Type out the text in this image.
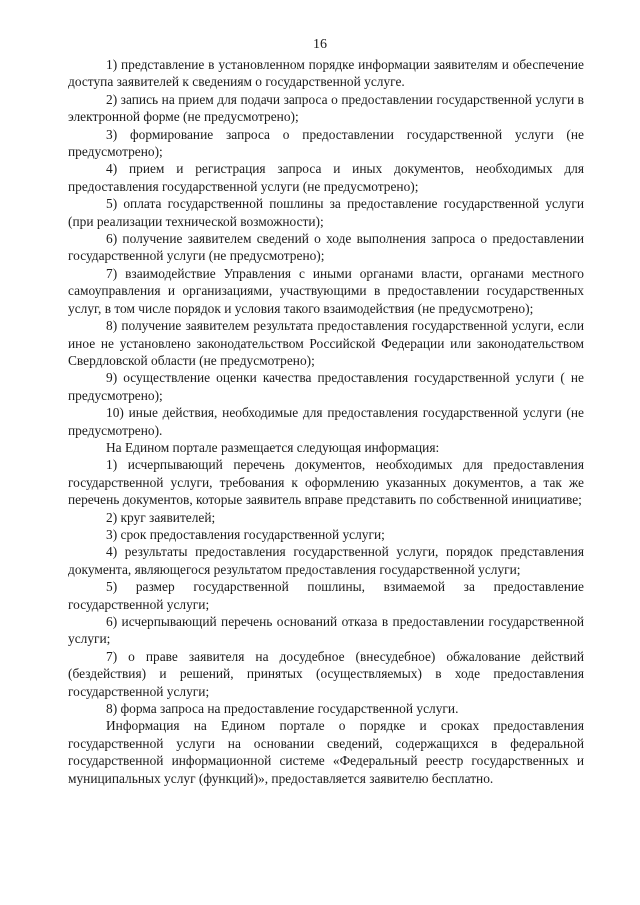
16

1) представление в установленном порядке информации заявителям и обеспечение доступа заявителей к сведениям о государственной услуге.

2) запись на прием для подачи запроса о предоставлении государственной услуги в электронной форме (не предусмотрено);

3) формирование запроса о предоставлении государственной услуги (не предусмотрено);

4) прием и регистрация запроса и иных документов, необходимых для предоставления государственной услуги (не предусмотрено);

5) оплата государственной пошлины за предоставление государственной услуги (при реализации технической возможности);

6) получение заявителем сведений о ходе выполнения запроса о предоставлении государственной услуги (не предусмотрено);

7) взаимодействие Управления с иными органами власти, органами местного самоуправления и организациями, участвующими в предоставлении государственных услуг, в том числе порядок и условия такого взаимодействия (не предусмотрено);

8) получение заявителем результата предоставления государственной услуги, если иное не установлено законодательством Российской Федерации или законодательством Свердловской области (не предусмотрено);

9) осуществление оценки качества предоставления государственной услуги ( не предусмотрено);

10) иные действия, необходимые для предоставления государственной услуги (не предусмотрено).

На Едином портале размещается следующая информация:

1) исчерпывающий перечень документов, необходимых для предоставления государственной услуги, требования к оформлению указанных документов, а так же перечень документов, которые заявитель вправе представить по собственной инициативе;

2) круг заявителей;

3) срок предоставления государственной услуги;

4) результаты предоставления государственной услуги, порядок представления документа, являющегося результатом предоставления государственной услуги;

5) размер государственной пошлины, взимаемой за предоставление государственной услуги;

6) исчерпывающий перечень оснований отказа в предоставлении государственной услуги;

7) о праве заявителя на досудебное (внесудебное) обжалование действий (бездействия) и решений, принятых (осуществляемых) в ходе предоставления государственной услуги;

8) форма запроса на предоставление государственной услуги.

Информация на Едином портале о порядке и сроках предоставления государственной услуги на основании сведений, содержащихся в федеральной государственной информационной системе «Федеральный реестр государственных и муниципальных услуг (функций)», предоставляется заявителю бесплатно.
